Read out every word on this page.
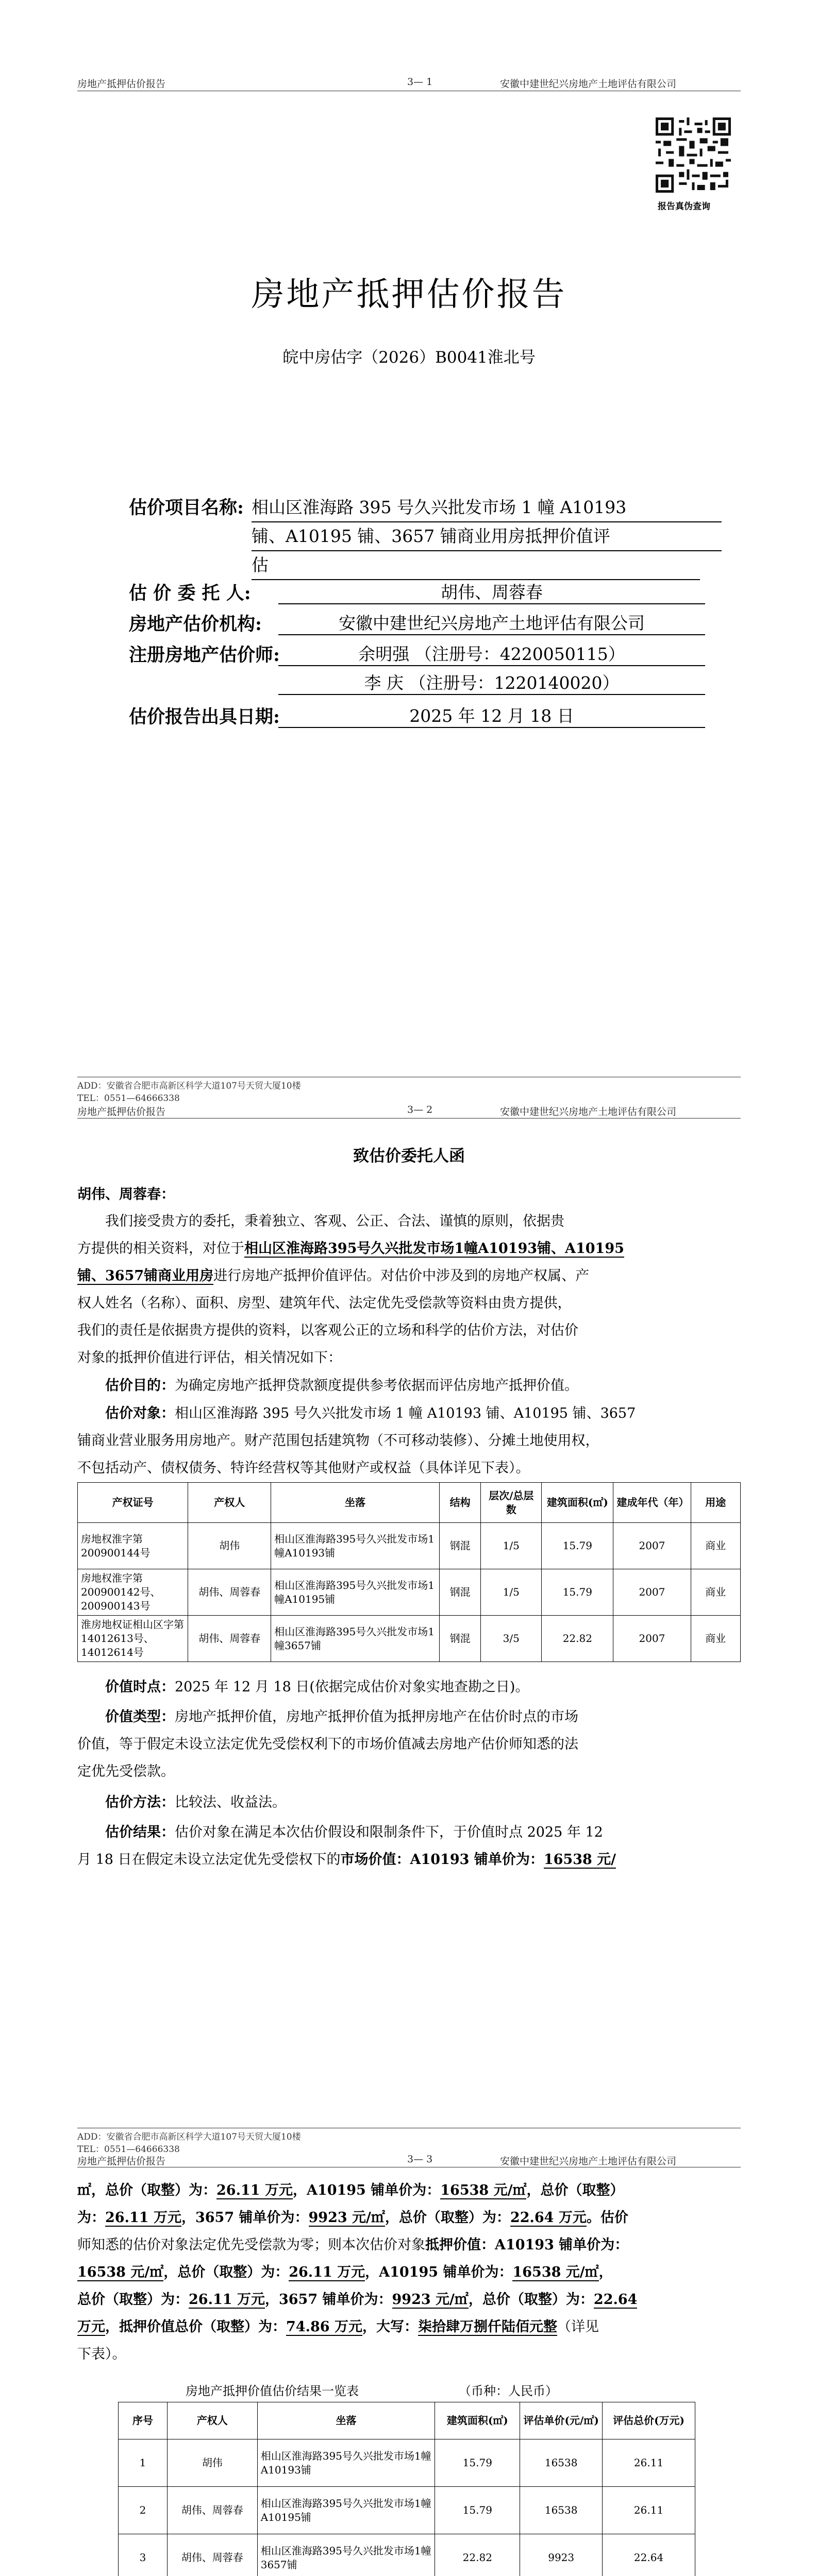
房地产抵押估价报告	3— 1	安徽中建世纪兴房地产土地评估有限公司
报告真伪查询
房地产抵押估价报告
皖中房估字（2026）B0041淮北号
估价项目名称: 相山区淮海路 395 号久兴批发市场 1 幢 A10193
铺、A10195 铺、3657 铺商业用房抵押价值评
估
估 价 委 托 人:	胡伟、周蓉春
房地产估价机构:	安徽中建世纪兴房地产土地评估有限公司
注册房地产估价师:	余明强 （注册号：4220050115）
李 庆 （注册号：1220140020）
估价报告出具日期:	2025 年 12 月 18 日
ADD：安徽省合肥市高新区科学大道107号天贸大厦10楼
TEL：0551—64666338
房地产抵押估价报告	3— 2	安徽中建世纪兴房地产土地评估有限公司
致估价委托人函
胡伟、周蓉春：
我们接受贵方的委托，秉着独立、客观、公正、合法、谨慎的原则，依据贵
方提供的相关资料，对位于相山区淮海路395号久兴批发市场1幢A10193铺、A10195
铺、3657铺商业用房进行房地产抵押价值评估。对估价中涉及到的房地产权属、产
权人姓名（名称）、面积、房型、建筑年代、法定优先受偿款等资料由贵方提供，
我们的责任是依据贵方提供的资料，以客观公正的立场和科学的估价方法，对估价
对象的抵押价值进行评估，相关情况如下：
估价目的：为确定房地产抵押贷款额度提供参考依据而评估房地产抵押价值。
估价对象：相山区淮海路 395 号久兴批发市场 1 幢 A10193 铺、A10195 铺、3657
铺商业营业服务用房地产。财产范围包括建筑物（不可移动装修）、分摊土地使用权，
不包括动产、债权债务、特许经营权等其他财产或权益（具体详见下表）。
产权证号	产权人	坐落	结构	层次/总层数	建筑面积(㎡)	建成年代（年）	用途
房地权淮字第200900144号	胡伟	相山区淮海路395号久兴批发市场1幢A10193铺	钢混	1/5	15.79	2007	商业
房地权淮字第200900142号、200900143号	胡伟、周蓉春	相山区淮海路395号久兴批发市场1幢A10195铺	钢混	1/5	15.79	2007	商业
淮房地权证相山区字第14012613号、14012614号	胡伟、周蓉春	相山区淮海路395号久兴批发市场1幢3657铺	钢混	3/5	22.82	2007	商业
价值时点：2025 年 12 月 18 日(依据完成估价对象实地查勘之日)。
价值类型：房地产抵押价值，房地产抵押价值为抵押房地产在估价时点的市场
价值，等于假定未设立法定优先受偿权利下的市场价值减去房地产估价师知悉的法
定优先受偿款。
估价方法：比较法、收益法。
估价结果：估价对象在满足本次估价假设和限制条件下，于价值时点 2025 年 12
月 18 日在假定未设立法定优先受偿权下的市场价值：A10193 铺单价为：16538 元/
ADD：安徽省合肥市高新区科学大道107号天贸大厦10楼
TEL：0551—64666338
房地产抵押估价报告	3— 3	安徽中建世纪兴房地产土地评估有限公司
㎡，总价（取整）为：26.11 万元，A10195 铺单价为：16538 元/㎡，总价（取整）
为：26.11 万元，3657 铺单价为：9923 元/㎡，总价（取整）为：22.64 万元。估价
师知悉的估价对象法定优先受偿款为零；则本次估价对象抵押价值：A10193 铺单价为：
16538 元/㎡，总价（取整）为：26.11 万元，A10195 铺单价为：16538 元/㎡，
总价（取整）为：26.11 万元，3657 铺单价为：9923 元/㎡，总价（取整）为：22.64
万元，抵押价值总价（取整）为：74.86 万元，大写：柒拾肆万捌仟陆佰元整（详见
下表）。
房地产抵押价值估价结果一览表	（币种：人民币）
序号	产权人	坐落	建筑面积(㎡)	评估单价(元/㎡)	评估总价(万元)
1	胡伟	相山区淮海路395号久兴批发市场1幢A10193铺	15.79	16538	26.11
2	胡伟、周蓉春	相山区淮海路395号久兴批发市场1幢A10195铺	15.79	16538	26.11
3	胡伟、周蓉春	相山区淮海路395号久兴批发市场1幢3657铺	22.82	9923	22.64
